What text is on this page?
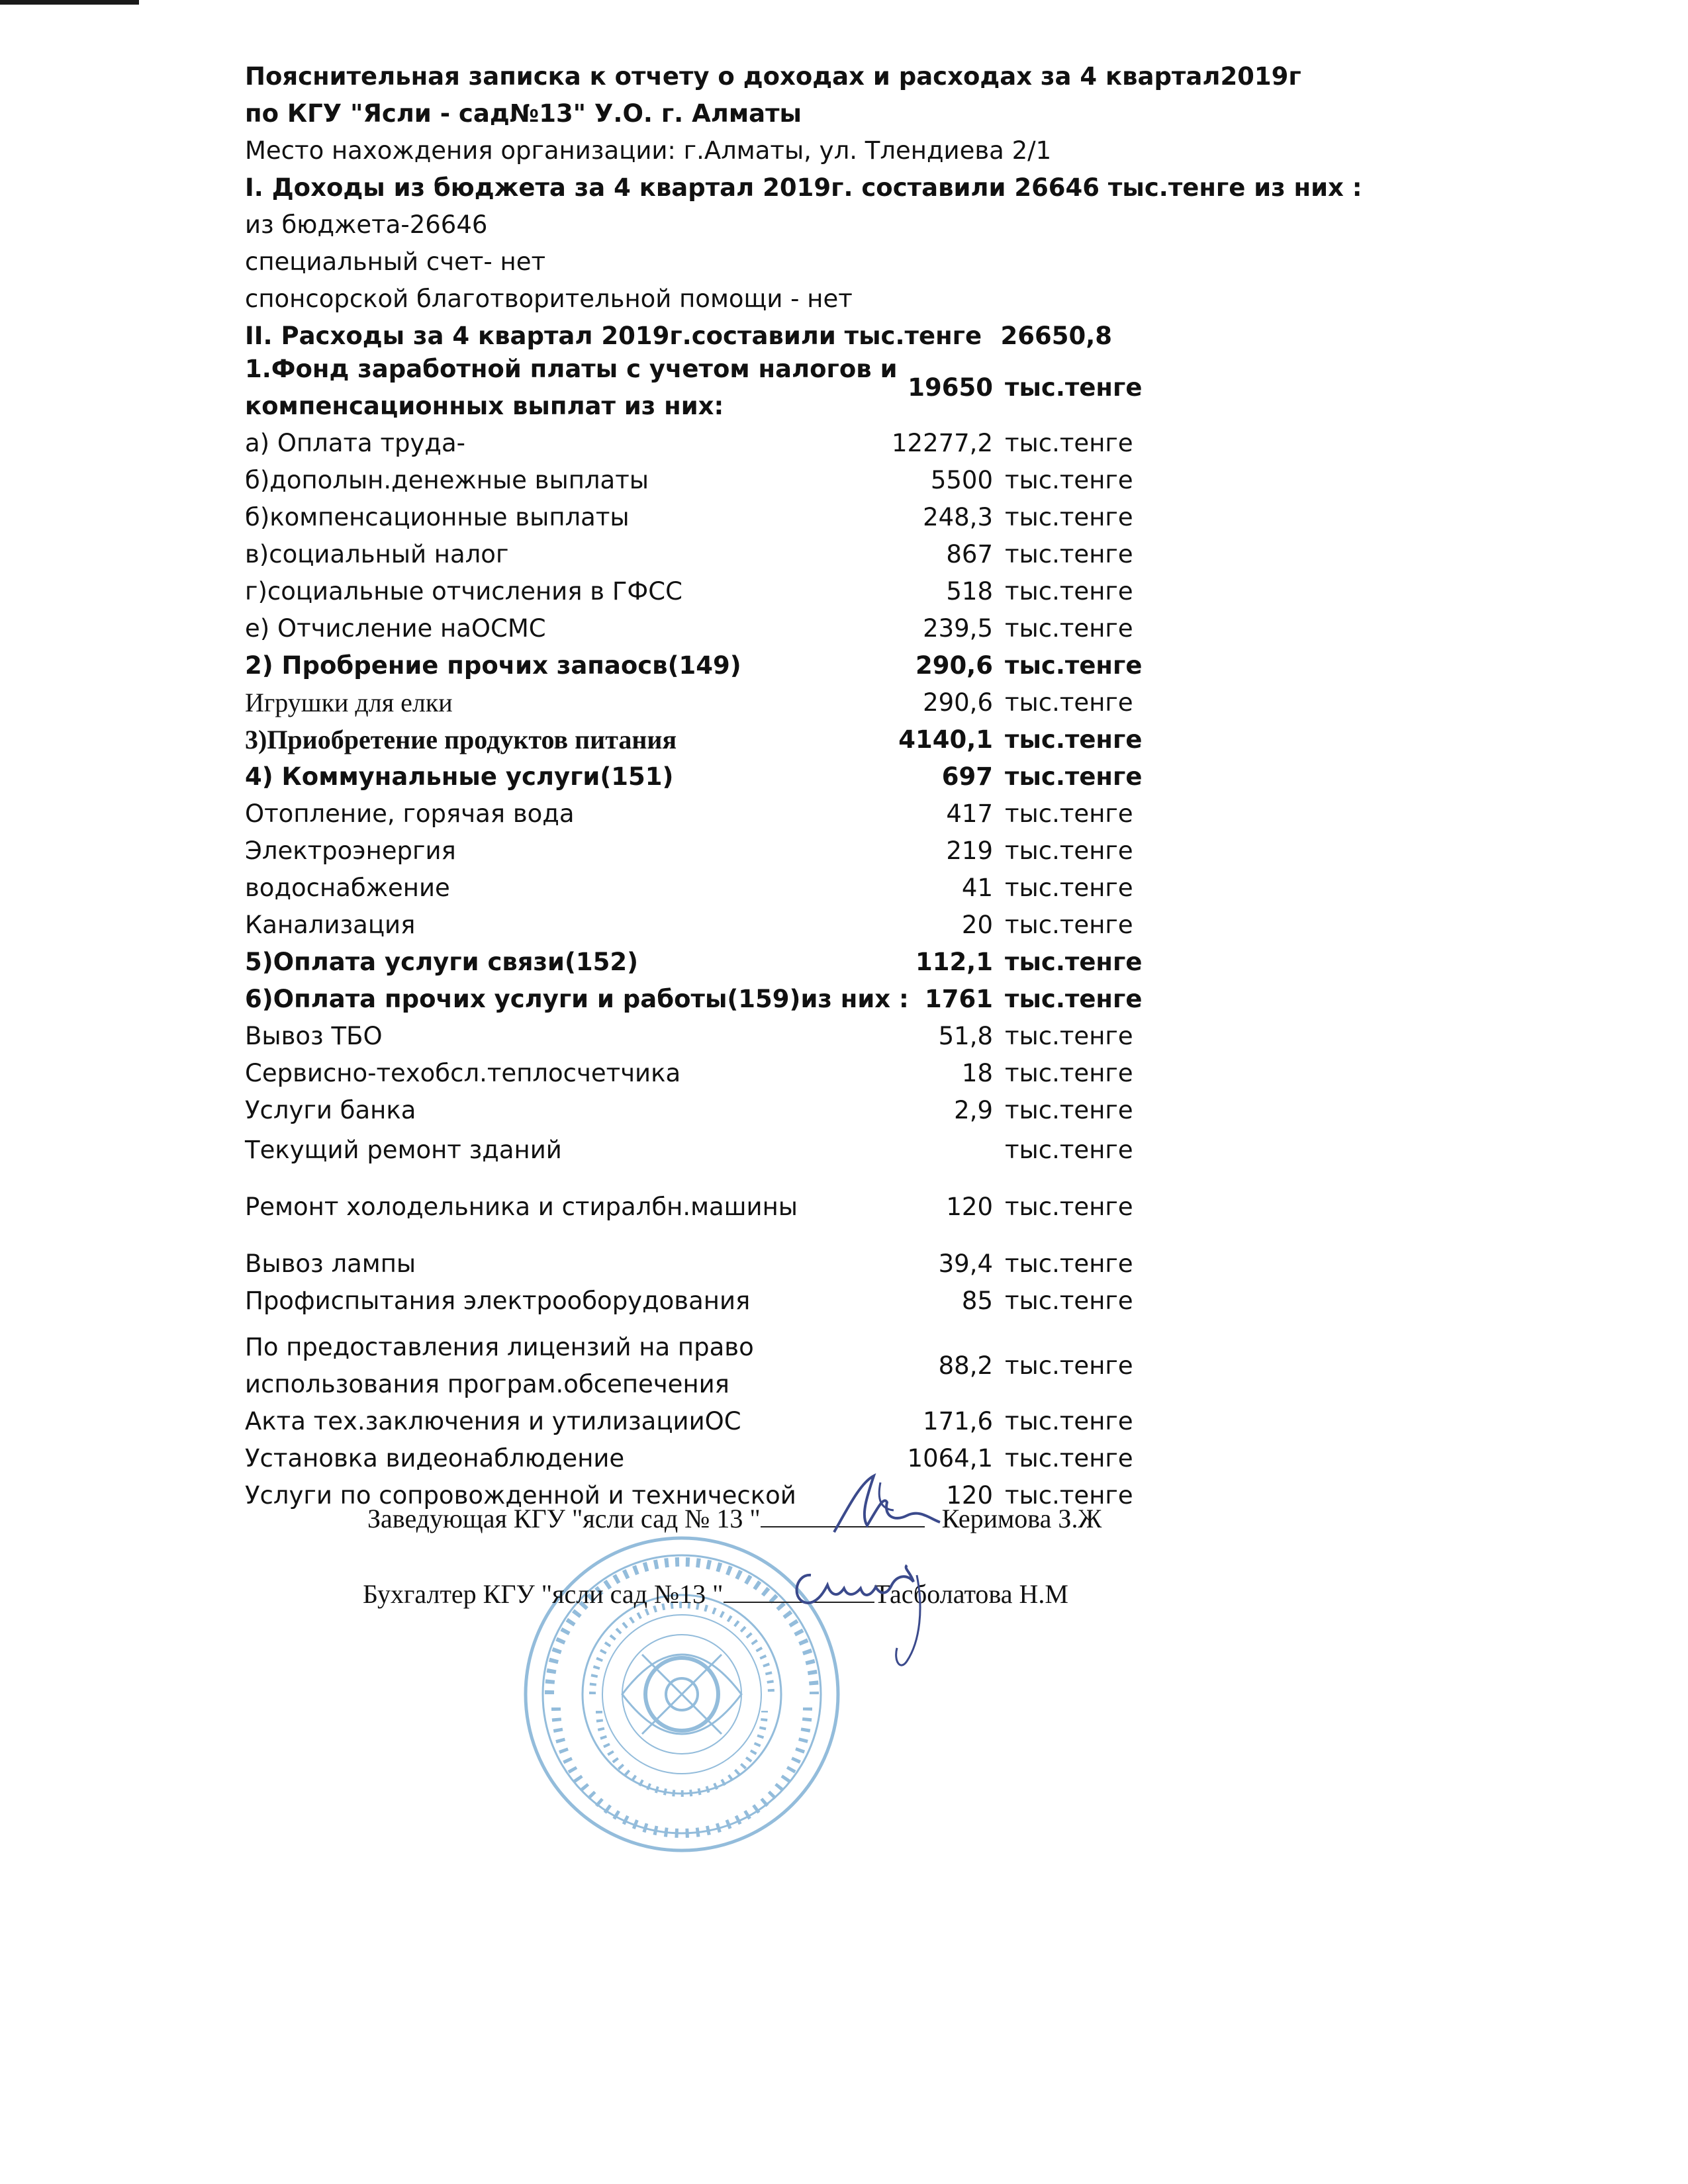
Пояснительная записка к отчету о доходах и расходах за 4 квартал2019г
по КГУ "Ясли - сад№13" У.О. г. Алматы
Место нахождения организации: г.Алматы, ул. Тлендиева 2/1
I. Доходы из бюджета за 4 квартал 2019г. составили 26646 тыс.тенге из них :
из бюджета-26646
специальный счет- нет
спонсорской благотворительной помощи - нет
II. Расходы за 4 квартал 2019г.составили тыс.тенге 26650,8
1.Фонд заработной платы с учетом налогов и
компенсационных выплат из них:
19650 тыс.тенге
а) Оплата труда-	12277,2 тыс.тенге
б)дополын.денежные выплаты	5500 тыс.тенге
б)компенсационные выплаты	248,3 тыс.тенге
в)социальный налог	867 тыс.тенге
г)социальные отчисления в ГФСС	518 тыс.тенге
е) Отчисление наОСМС	239,5 тыс.тенге
2) Пробрение прочих запаосв(149)	290,6 тыс.тенге
Игрушки для елки	290,6 тыс.тенге
3)Приобретение продуктов питания	4140,1 тыс.тенге
4) Коммунальные услуги(151)	697 тыс.тенге
Отопление, горячая вода	417 тыс.тенге
Электроэнергия	219 тыс.тенге
водоснабжение	41 тыс.тенге
Канализация	20 тыс.тенге
5)Оплата услуги связи(152)	112,1 тыс.тенге
6)Оплата прочих услуги и работы(159)из них : 1761 тыс.тенге
Вывоз ТБО	51,8 тыс.тенге
Сервисно-техобсл.теплосчетчика	18 тыс.тенге
Услуги банка	2,9 тыс.тенге
Текущий ремонт зданий	тыс.тенге
Ремонт холодельника и стиралбн.машины	120 тыс.тенге
Вывоз лампы	39,4 тыс.тенге
Профиспытания электрооборудования	85 тыс.тенге
По предоставления лицензий на право
использования програм.обсепечения
88,2 тыс.тенге
Акта тех.заключения и утилизацииОС	171,6 тыс.тенге
Установка видеонаблюдение	1064,1 тыс.тенге
Услуги по сопровожденной и технической	120 тыс.тенге
Заведующая КГУ "ясли сад № 13 "	Керимова З.Ж
Бухгалтер КГУ "ясли сад №13 "	Тасболатова Н.М
